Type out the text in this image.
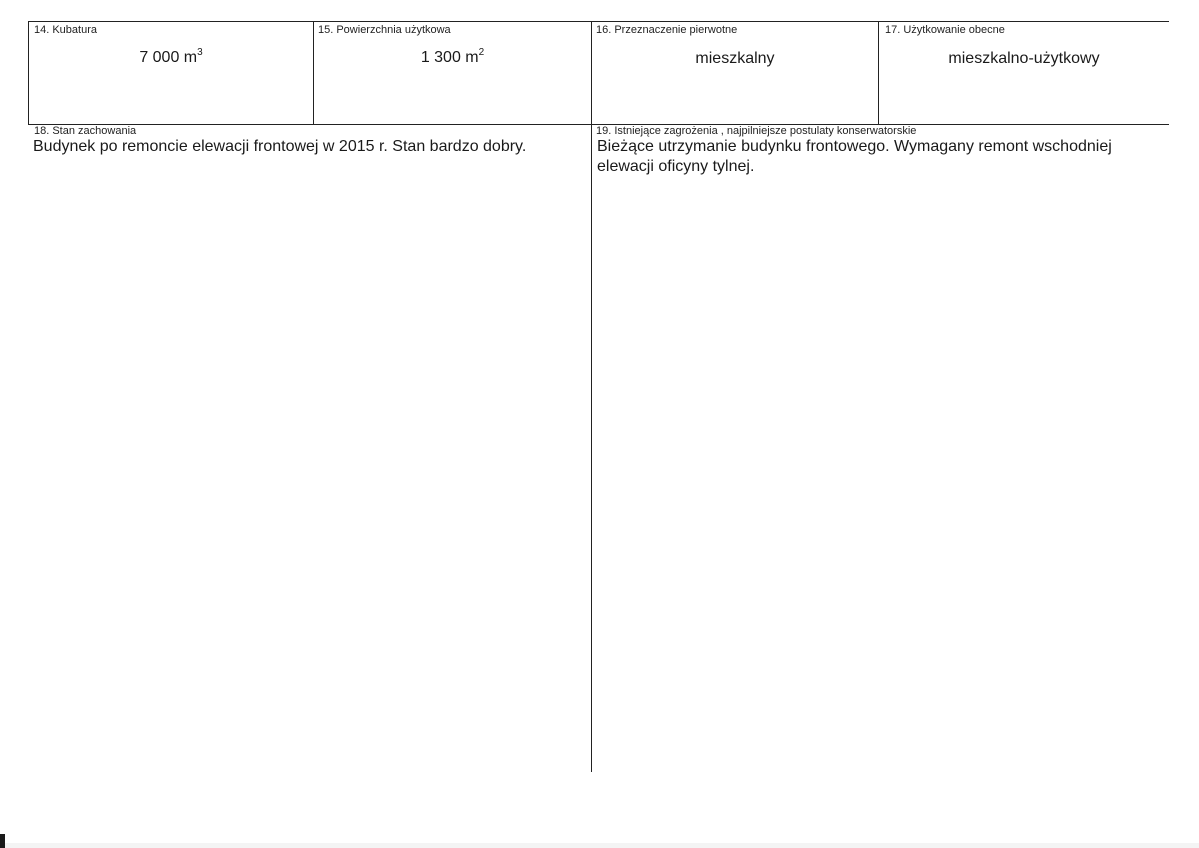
14. Kubatura
7 000 $m^3$
15. Powierzchnia użytkowa
1 300 $m^2$
16. Przeznaczenie pierwotne
mieszkalny
17. Użytkowanie obecne
mieszkalno-użytkowy
18. Stan zachowania
Budynek po remoncie elewacji frontowej w 2015 r. Stan bardzo dobry.
19. Istniejące zagrożenia , najpilniejsze postulaty konserwatorskie
Bieżące utrzymanie budynku frontowego. Wymagany remont wschodniej elewacji oficyny tylnej.
